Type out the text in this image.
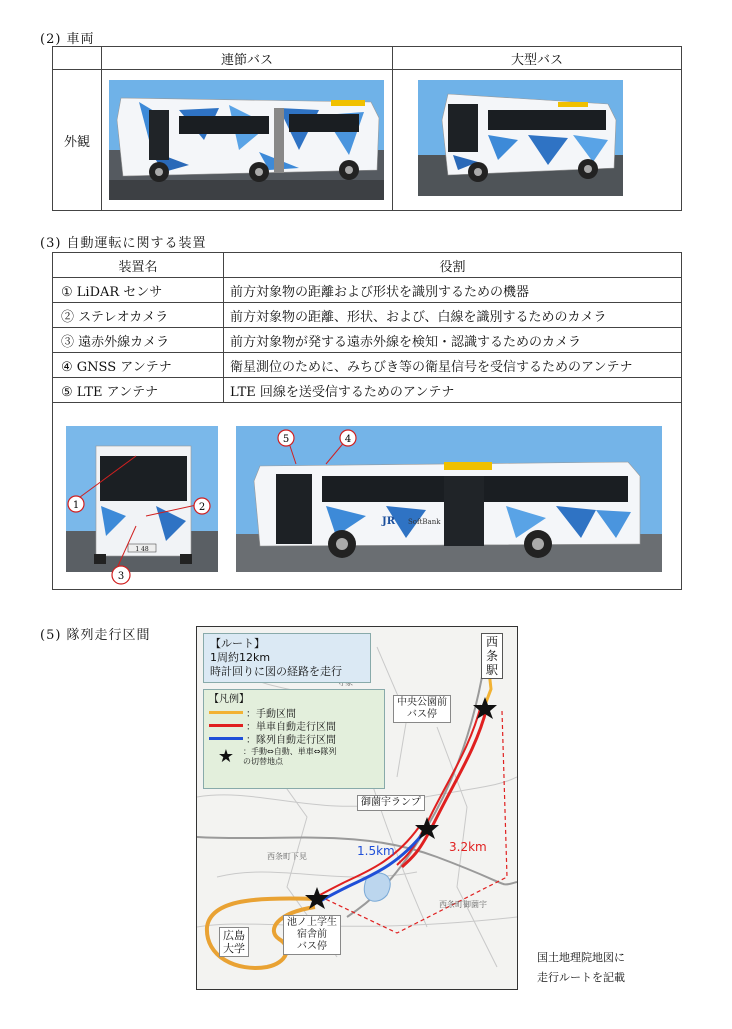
(2) 車両
	連節バス	大型バス
外観		
(3) 自動運転に関する装置
装置名	役割
① LiDAR センサ	前方対象物の距離および形状を識別するための機器
② ステレオカメラ	前方対象物の距離、形状、および、白線を識別するためのカメラ
③ 遠赤外線カメラ	前方対象物が発する遠赤外線を検知・認識するためのカメラ
④ GNSS アンテナ	衛星測位のために、みちびき等の衛星信号を受信するためのアンテナ
⑤ LTE アンテナ	LTE 回線を送受信するためのアンテナ

1 48
1	2
3
JR SoftBank
5	4
(5) 隊列走行区間
1.5km	3.2km
西条町下見
西条町御薗宇
【ルート】
1周約12km
時計回りに図の経路を走行
【凡例】
：手動区間
：単車自動走行区間
：隊列自動走行区間
★	：手動⇔自動、単車⇔隊列
の切替地点
西条駅
中央公園前
バス停
御薗宇ランプ
池ノ上学生
宿舎前
バス停
広島
大学
国土地理院地図に
走行ルートを記載
